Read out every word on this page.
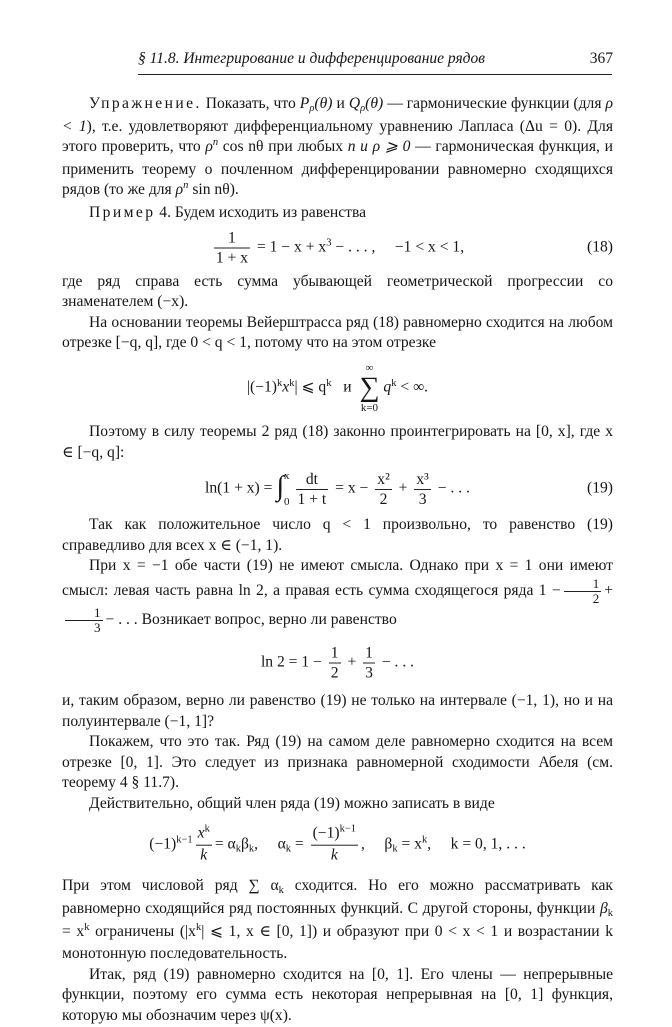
§ 11.8. Интегрирование и дифференцирование рядов	367

Упражнение. Показать, что $P_\rho(\theta)$ и $Q_\rho(\theta)$ — гармонические функции (для ρ < 1), т.е. удовлетворяют дифференциальному уравнению Лапласа (Δu = 0). Для этого проверить, что $\rho^n$ cos nθ при любых n и ρ ⩾ 0 — гармоническая функция, и применить теорему о почленном дифференцировании равномерно сходящихся рядов (то же для $\rho^n$ sin nθ).

Пример 4. Будем исходить из равенства

$\frac{1}{1 + x} = 1 - x + x^3$ − . . . , −1 < x < 1,	(18)

где ряд справа есть сумма убывающей геометрической прогрессии со знаменателем (−x).

На основании теоремы Вейерштрасса ряд (18) равномерно сходится на любом отрезке [−q, q], где 0 < q < 1, потому что на этом отрезке

$|(-1)^kx^k|$ ⩽ $q^k$ и
∞
∑
k=0
$q^k$ < ∞.

Поэтому в силу теоремы 2 ряд (18) законно проинтегрировать на [0, x], где x ∈ [−q, q]:

ln(1 + x) = ∫ x
$0 \frac{dt}{1 + t} = x - \frac{\text{x²}}{2} + \frac{\text{x³}}{3}$ − . . .	(19)

Так как положительное число q < 1 произвольно, то равенство (19) справедливо для всех x ∈ (−1, 1).

При x = −1 обе части (19) не имеют смысла. Однако при x = 1 они имеют смысл: левая часть равна ln 2, а правая есть сумма сходящегося ряда $1 - \frac{1}{2}$ +
$\frac{1}{3}$ − . . . Возникает вопрос, верно ли равенство

$\ln 2 = 1 - \frac{1}{2} + \frac{1}{3}$ − . . .

и, таким образом, верно ли равенство (19) не только на интервале (−1, 1), но и на полуинтервале (−1, 1]?

Покажем, что это так. Ряд (19) на самом деле равномерно сходится на всем отрезке [0, 1]. Это следует из признака равномерной сходимости Абеля (см. теорему 4 § 11.7).

Действительно, общий член ряда (19) можно записать в виде

$(-1)^{k-1} \frac{x^k}{k} = \alpha_k\beta_k$, $\alpha_k = \frac{(-1)^{k-1}}{k}$ , $\beta_k = x^k$, k = 0, 1, . . .

При этом числовой ряд ∑ $\alpha_k$ сходится. Но его можно рассматривать как равномерно сходящийся ряд постоянных функций. С другой стороны, функции $\beta_k = x^k$ ограничены ($|x^k|$ ⩽ 1, x ∈ [0, 1]) и образуют при 0 < x < 1 и возрастании k монотонную последовательность.

Итак, ряд (19) равномерно сходится на [0, 1]. Его члены — непрерывные функции, поэтому его сумма есть некоторая непрерывная на [0, 1] функция, которую мы обозначим через ψ(x).
